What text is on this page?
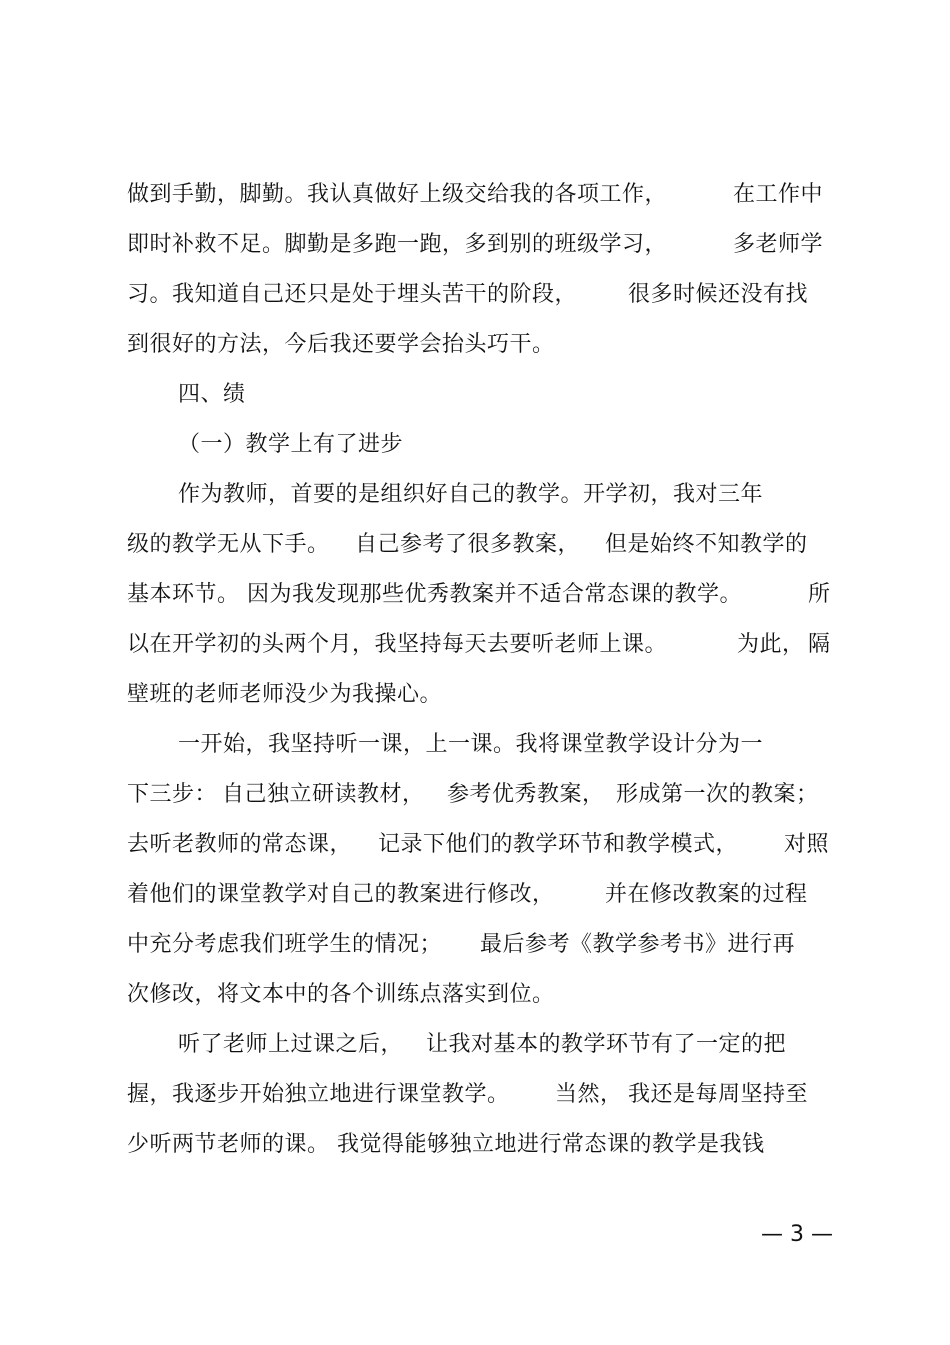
做到手勤，脚勤。我认真做好上级交给我的各项工作，	在工作中
即时补救不足。脚勤是多跑一跑，多到别的班级学习，	多老师学
习。我知道自己还只是处于埋头苦干的阶段， 很多时候还没有找
到很好的方法，今后我还要学会抬头巧干。
四、绩
（一）教学上有了进步
作为教师，首要的是组织好自己的教学。开学初，我对三年
级的教学无从下手。 自己参考了很多教案， 但是始终不知教学的
基本环节。 因为我发现那些优秀教案并不适合常态课的教学。	所
以在开学初的头两个月，我坚持每天去要听老师上课。	为此， 隔
壁班的老师老师没少为我操心。
一开始，我坚持听一课，上一课。我将课堂教学设计分为一
下三步： 自己独立研读教材， 参考优秀教案， 形成第一次的教案；
去听老教师的常态课， 记录下他们的教学环节和教学模式， 对照
着他们的课堂教学对自己的教案进行修改， 并在修改教案的过程
中充分考虑我们班学生的情况； 最后参考《教学参考书》进行再
次修改，将文本中的各个训练点落实到位。
听了老师上过课之后， 让我对基本的教学环节有了一定的把
握，我逐步开始独立地进行课堂教学。 当然， 我还是每周坚持至
少听两节老师的课。 我觉得能够独立地进行常态课的教学是我钱
— 3 —
